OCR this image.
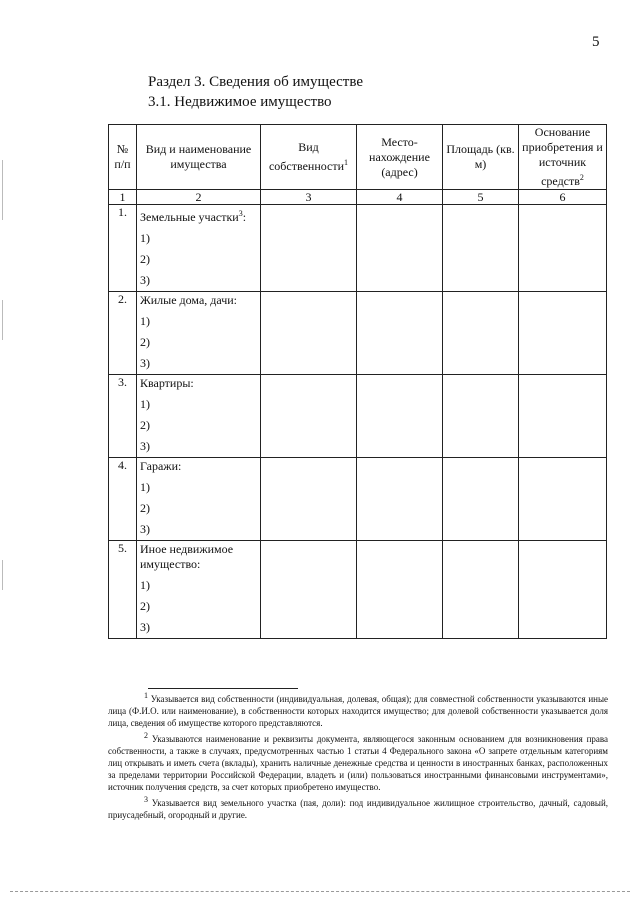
5
Раздел 3. Сведения об имуществе
3.1. Недвижимое имущество
№ п/п	Вид и наименование имущества	Вид собственности$^1$	Место-нахождение (адрес)	Площадь (кв. м)	Основание приобретения и источник средств$^2$
1	2	3	4	5	6
1.	Земельные участки$^3$:
1)
2)
3)				

2.	Жилые дома, дачи:
1)
2)
3)				

3.	Квартиры:
1)
2)
3)				

4.	Гаражи:
1)
2)
3)				

5.	Иное недвижимое имущество:
1)
2)
3)				

$^1$ Указывается вид собственности (индивидуальная, долевая, общая); для совместной собственности указываются иные лица (Ф.И.О. или наименование), в собственности которых находится имущество; для долевой собственности указывается доля лица, сведения об имуществе которого представляются.

$^2$ Указываются наименование и реквизиты документа, являющегося законным основанием для возникновения права собственности, а также в случаях, предусмотренных частью 1 статьи 4 Федерального закона «О запрете отдельным категориям лиц открывать и иметь счета (вклады), хранить наличные денежные средства и ценности в иностранных банках, расположенных за пределами территории Российской Федерации, владеть и (или) пользоваться иностранными финансовыми инструментами», источник получения средств, за счет которых приобретено имущество.

$^3$ Указывается вид земельного участка (пая, доли): под индивидуальное жилищное строительство, дачный, садовый, приусадебный, огородный и другие.
